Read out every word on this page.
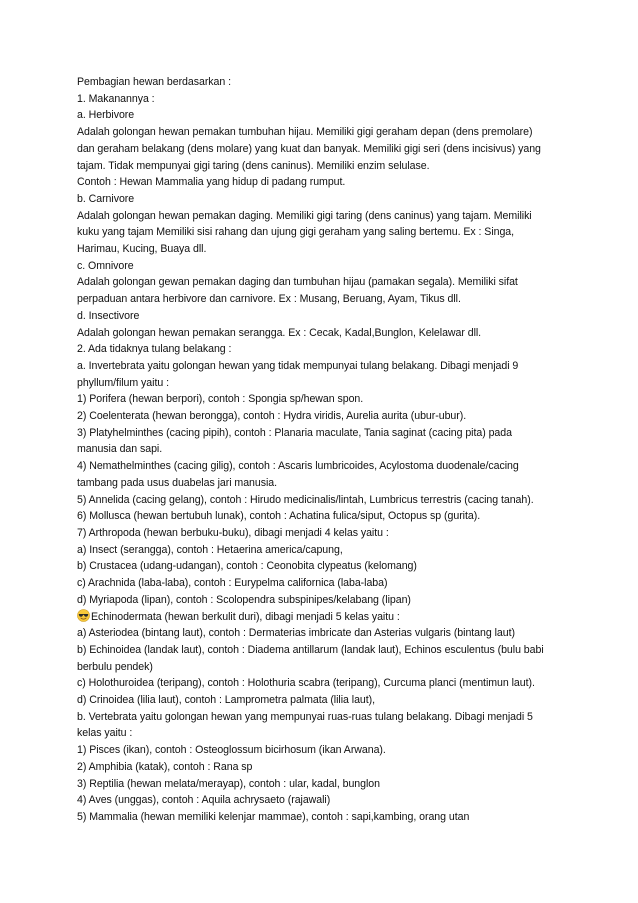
Pembagian hewan berdasarkan :
1. Makanannya :
a. Herbivore
Adalah golongan hewan pemakan tumbuhan hijau. Memiliki gigi geraham depan (dens premolare)
dan geraham belakang (dens molare) yang kuat dan banyak. Memiliki gigi seri (dens incisivus) yang
tajam. Tidak mempunyai gigi taring (dens caninus). Memiliki enzim selulase.
Contoh : Hewan Mammalia yang hidup di padang rumput.
b. Carnivore
Adalah golongan hewan pemakan daging. Memiliki gigi taring (dens caninus) yang tajam. Memiliki
kuku yang tajam Memiliki sisi rahang dan ujung gigi geraham yang saling bertemu. Ex : Singa,
Harimau, Kucing, Buaya dll.
c. Omnivore
Adalah golongan gewan pemakan daging dan tumbuhan hijau (pamakan segala). Memiliki sifat
perpaduan antara herbivore dan carnivore. Ex : Musang, Beruang, Ayam, Tikus dll.
d. Insectivore
Adalah golongan hewan pemakan serangga. Ex : Cecak, Kadal,Bunglon, Kelelawar dll.
2. Ada tidaknya tulang belakang :
a. Invertebrata yaitu golongan hewan yang tidak mempunyai tulang belakang. Dibagi menjadi 9
phyllum/filum yaitu :
1) Porifera (hewan berpori), contoh : Spongia sp/hewan spon.
2) Coelenterata (hewan berongga), contoh : Hydra viridis, Aurelia aurita (ubur-ubur).
3) Platyhelminthes (cacing pipih), contoh : Planaria maculate, Tania saginat (cacing pita) pada
manusia dan sapi.
4) Nemathelminthes (cacing gilig), contoh : Ascaris lumbricoides, Acylostoma duodenale/cacing
tambang pada usus duabelas jari manusia.
5) Annelida (cacing gelang), contoh : Hirudo medicinalis/lintah, Lumbricus terrestris (cacing tanah).
6) Mollusca (hewan bertubuh lunak), contoh : Achatina fulica/siput, Octopus sp (gurita).
7) Arthropoda (hewan berbuku-buku), dibagi menjadi 4 kelas yaitu :
a) Insect (serangga), contoh : Hetaerina america/capung,
b) Crustacea (udang-udangan), contoh : Ceonobita clypeatus (kelomang)
c) Arachnida (laba-laba), contoh : Eurypelma californica (laba-laba)
d) Myriapoda (lipan), contoh : Scolopendra subspinipes/kelabang (lipan)
Echinodermata (hewan berkulit duri), dibagi menjadi 5 kelas yaitu :
a) Asteriodea (bintang laut), contoh : Dermaterias imbricate dan Asterias vulgaris (bintang laut)
b) Echinoidea (landak laut), contoh : Diadema antillarum (landak laut), Echinos esculentus (bulu babi
berbulu pendek)
c) Holothuroidea (teripang), contoh : Holothuria scabra (teripang), Curcuma planci (mentimun laut).
d) Crinoidea (lilia laut), contoh : Lamprometra palmata (lilia laut),
b. Vertebrata yaitu golongan hewan yang mempunyai ruas-ruas tulang belakang. Dibagi menjadi 5
kelas yaitu :
1) Pisces (ikan), contoh : Osteoglossum bicirhosum (ikan Arwana).
2) Amphibia (katak), contoh : Rana sp
3) Reptilia (hewan melata/merayap), contoh : ular, kadal, bunglon
4) Aves (unggas), contoh : Aquila achrysaeto (rajawali)
5) Mammalia (hewan memiliki kelenjar mammae), contoh : sapi,kambing, orang utan
